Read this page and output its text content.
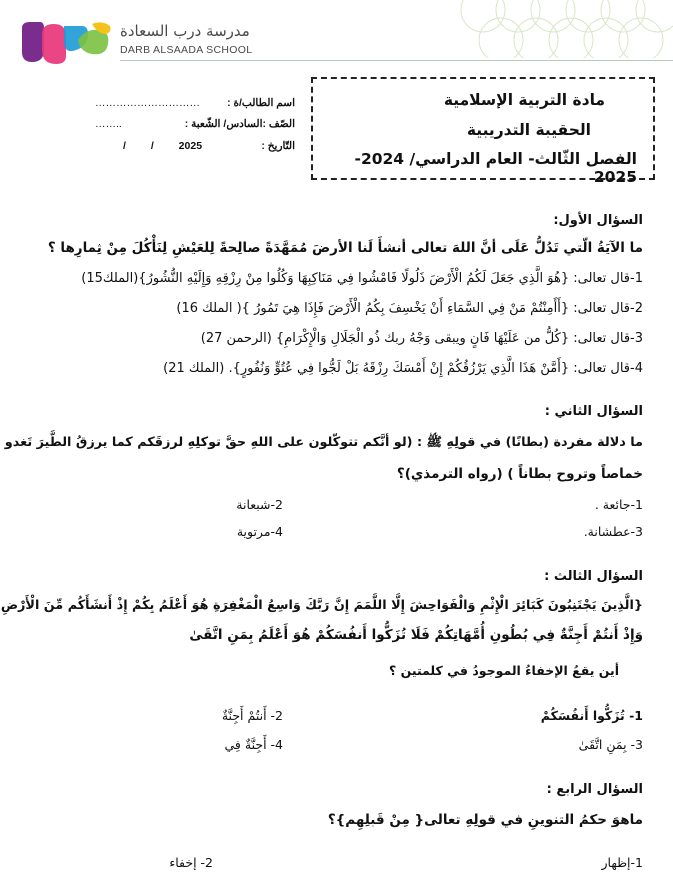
مدرسة درب السعادة
DARB ALSAADA SCHOOL
اسم الطالب/ة :
…………………………
الصّف :السادس/ الشّعبة :
……..
التّاريخ :
/ / 2025
مادة التربية الإسلامية
الحقيبة التدريبية
الفصل الثّالث- العام الدراسي/ 2024-2025
السؤال الأول:
ما الآيَةُ الّتي تَدُلُّ عَلَى أنَّ اللهَ تعالى أنشأَ لَنا الأرضَ مُمَهَّدَةً صالِحةً لِلعَيْشِ لِنَأْكُلَ مِنْ ثِمارِها ؟
1-قال تعالى: {هُوَ الَّذِي جَعَلَ لَكُمُ الْأَرْضَ ذَلُولًا فَامْشُوا فِي مَنَاكِبِهَا وَكُلُوا مِنْ رِزْقِهِ وَإِلَيْهِ النُّشُورُ}(الملك15)
2-قال تعالى: {أَأَمِنْتُمْ مَنْ فِي السَّمَاءِ أَنْ يَخْسِفَ بِكُمُ الْأَرْضَ فَإِذَا هِيَ تَمُورُ }( الملك 16)
3-قال تعالى: {كُلُّ من عَلَيْهَا فَانٍ ويبقى وَجْهُ ربك ذُو الْجَلَالِ وَالْإِكْرَامِ} (الرحمن 27)
4-قال تعالى: {أَمَّنْ هَذَا الَّذِي يَرْزُقُكُمْ إِنْ أَمْسَكَ رِزْقَهُ بَلْ لَجُّوا فِي عُتُوٍّ وَنُفُورٍ}. (الملك 21)
السؤال الثاني :
ما دلالة مفردة (بطانًا) في قولِهِ ﷺ : (لو أنَّكم تتوكّلون على اللهِ حقَّ توكلِهِ لرزقَكم كما يرزقُ الطَّيرَ تَغدو
خماصاً وتروح بطاناً ) (رواه الترمذي)؟
1-جائعة .
2-شبعانة
3-عطشانة.
4-مرتوية
السؤال الثالث :
{الَّذِينَ يَجْتَنِبُونَ كَبَائِرَ الْإِثْمِ وَالْفَوَاحِشَ إِلَّا اللَّمَمَ إِنَّ رَبَّكَ وَاسِعُ الْمَغْفِرَةِ هُوَ أَعْلَمُ بِكُمْ إِذْ أَنشَأَكُم مِّنَ الْأَرْضِ
وَإِذْ أَنتُمْ أَجِنَّةٌ فِي بُطُونِ أُمَّهَاتِكُمْ فَلَا تُزَكُّوا أَنفُسَكُمْ هُوَ أَعْلَمُ بِمَنِ اتَّقَىٰ
أين يقعُ الإخفاءُ الموجودُ في كلمتين ؟
1- تُزَكُّوا أَنفُسَكُمْ
2- أَنتُمْ أَجِنَّةٌ
3- بِمَنِ اتَّقَىٰ
4- أَجِنَّةٌ فِي
السؤال الرابع :
ماهوَ حكمُ التنوينِ في قولِهِ تعالى{ مِنْ قَبلِهِم}؟
1-إظهار
2- إخفاء
